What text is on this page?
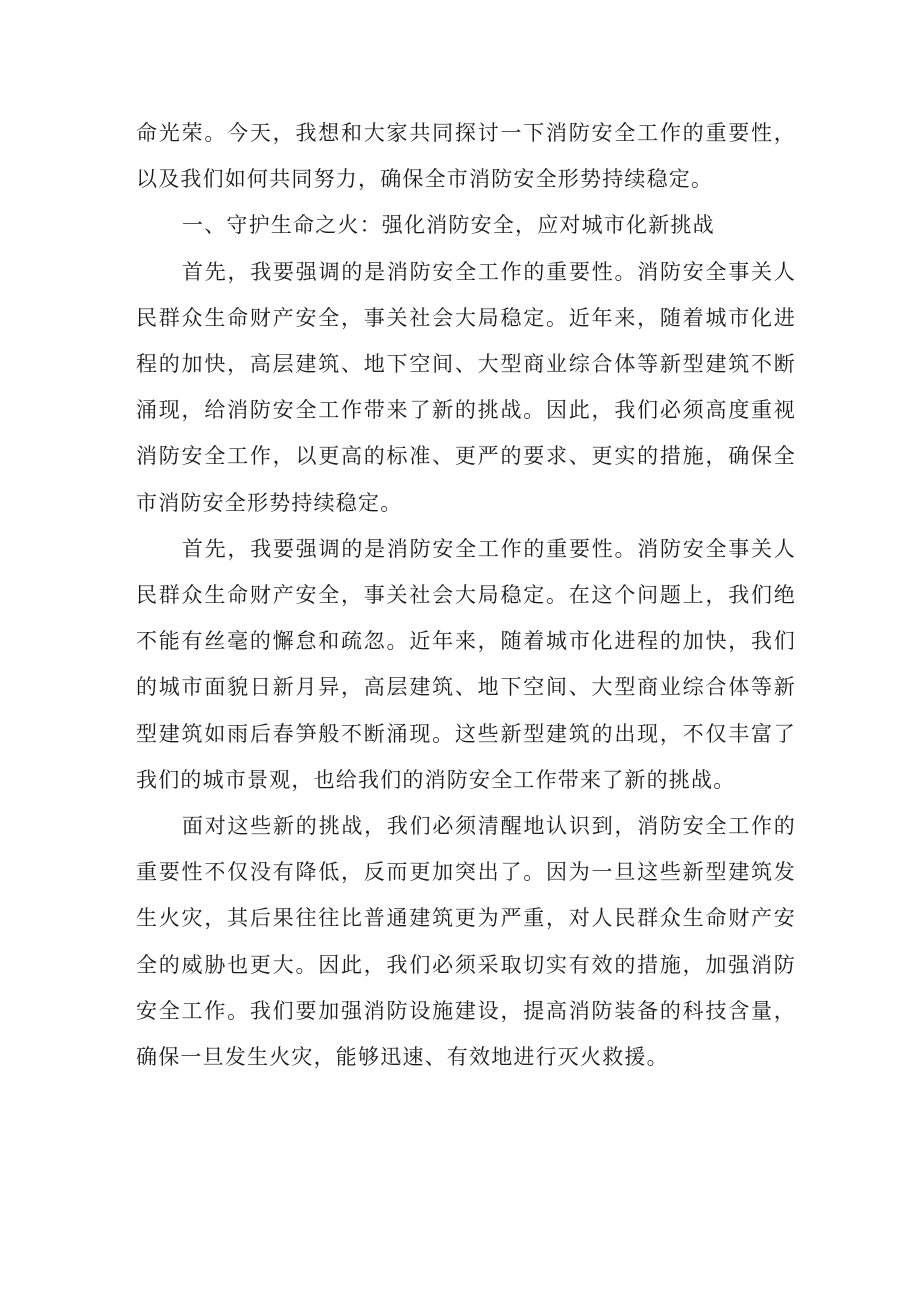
命光荣。今天，我想和大家共同探讨一下消防安全工作的重要性，以及我们如何共同努力，确保全市消防安全形势持续稳定。

一、守护生命之火：强化消防安全，应对城市化新挑战

首先，我要强调的是消防安全工作的重要性。消防安全事关人民群众生命财产安全，事关社会大局稳定。近年来，随着城市化进程的加快，高层建筑、地下空间、大型商业综合体等新型建筑不断涌现，给消防安全工作带来了新的挑战。因此，我们必须高度重视消防安全工作，以更高的标准、更严的要求、更实的措施，确保全市消防安全形势持续稳定。

首先，我要强调的是消防安全工作的重要性。消防安全事关人民群众生命财产安全，事关社会大局稳定。在这个问题上，我们绝不能有丝毫的懈怠和疏忽。近年来，随着城市化进程的加快，我们的城市面貌日新月异，高层建筑、地下空间、大型商业综合体等新型建筑如雨后春笋般不断涌现。这些新型建筑的出现，不仅丰富了我们的城市景观，也给我们的消防安全工作带来了新的挑战。

面对这些新的挑战，我们必须清醒地认识到，消防安全工作的重要性不仅没有降低，反而更加突出了。因为一旦这些新型建筑发生火灾，其后果往往比普通建筑更为严重，对人民群众生命财产安全的威胁也更大。因此，我们必须采取切实有效的措施，加强消防安全工作。我们要加强消防设施建设，提高消防装备的科技含量，确保一旦发生火灾，能够迅速、有效地进行灭火救援。
